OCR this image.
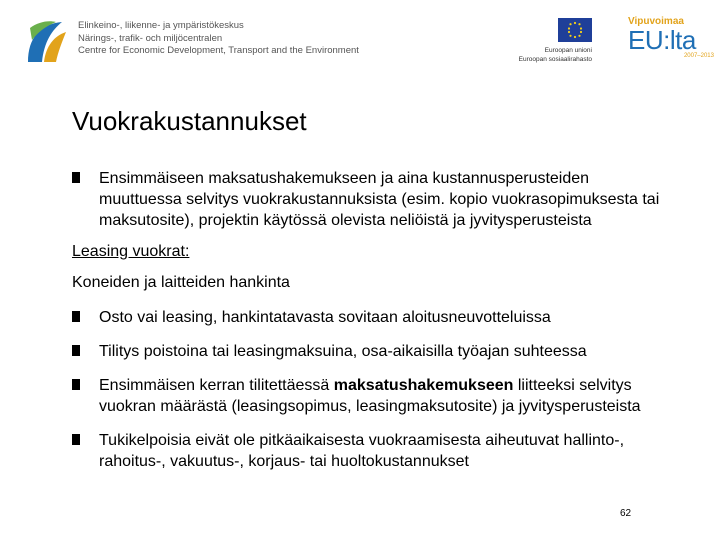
Elinkeino-, liikenne- ja ympäristökeskus
Närings-, trafik- och miljöcentralen
Centre for Economic Development, Transport and the Environment	Euroopan unioni
Euroopan sosiaalirahasto
Vipuvoimaa
EU:lta
2007–2013
Vuokrakustannukset
Ensimmäiseen maksatushakemukseen ja aina kustannusperusteiden muuttuessa selvitys vuokrakustannuksista (esim. kopio vuokrasopimuksesta tai maksutosite), projektin käytössä olevista neliöistä ja jyvitysperusteista
Leasing vuokrat:
Koneiden ja laitteiden hankinta
Osto vai leasing, hankintatavasta sovitaan aloitusneuvotteluissa
Tilitys poistoina tai leasingmaksuina, osa-aikaisilla työajan suhteessa
Ensimmäisen kerran tilitettäessä maksatushakemukseen liitteeksi selvitys vuokran määrästä (leasingsopimus, leasingmaksutosite) ja jyvitysperusteista
Tukikelpoisia eivät ole pitkäaikaisesta vuokraamisesta aiheutuvat hallinto-, rahoitus-, vakuutus-, korjaus- tai huoltokustannukset
62
